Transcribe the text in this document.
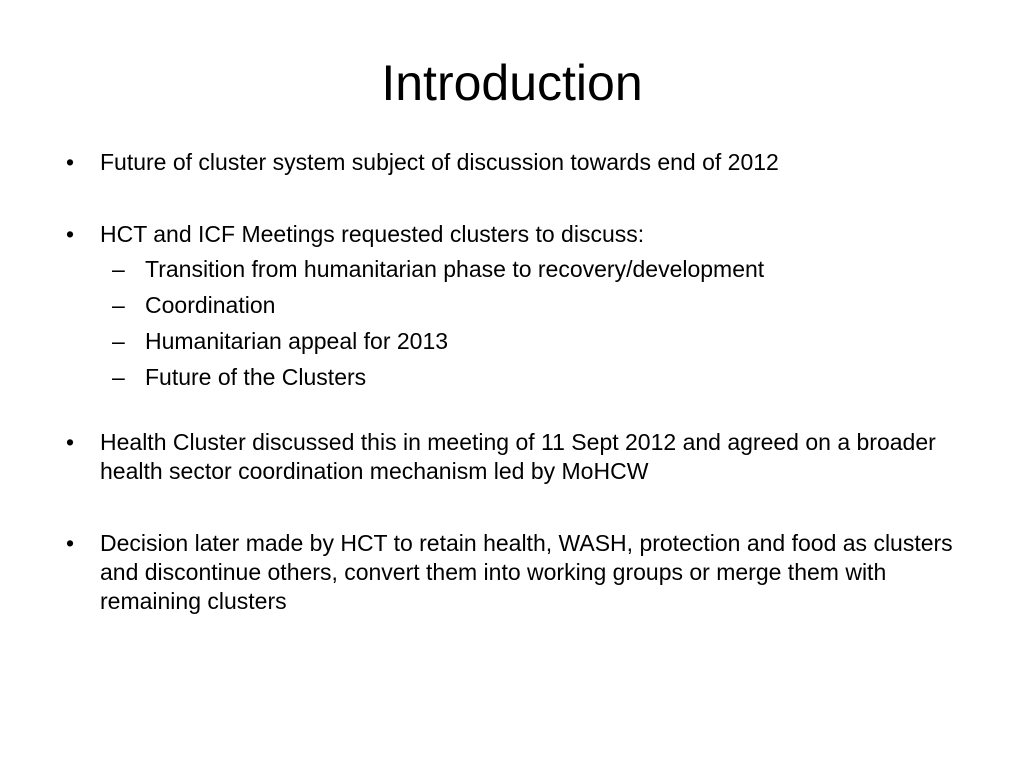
Introduction
• Future of cluster system subject of discussion towards end of 2012
• HCT and ICF Meetings requested clusters to discuss:
– Transition from humanitarian phase to recovery/development
– Coordination
– Humanitarian appeal for 2013
– Future of the Clusters
• Health Cluster discussed this in meeting of 11 Sept 2012 and agreed on a broader health sector coordination mechanism led by MoHCW
• Decision later made by HCT to retain health, WASH, protection and food as clusters and discontinue others, convert them into working groups or merge them with remaining clusters
